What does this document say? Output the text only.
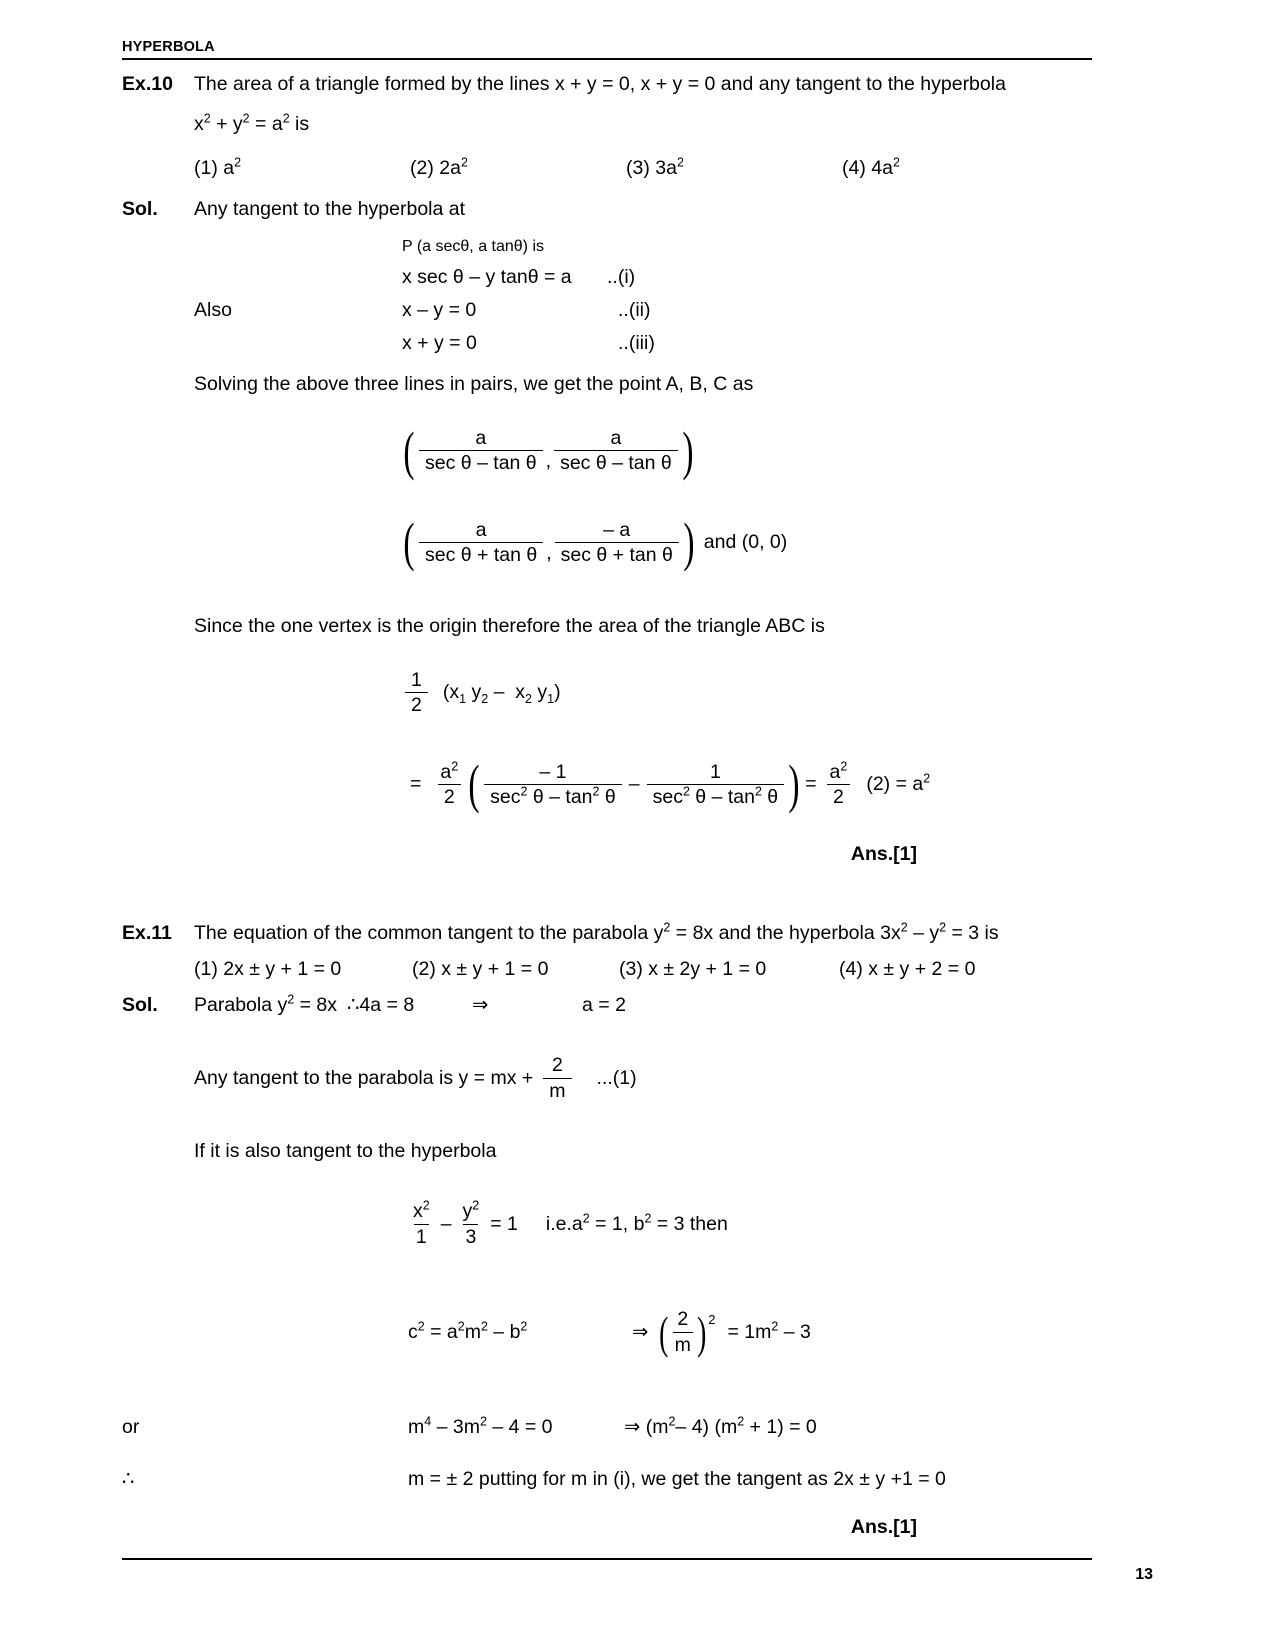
HYPERBOLA
Ex.10	The area of a triangle formed by the lines x + y = 0, x + y = 0 and any tangent to the hyperbola
$x^2 + y^2 = a^2$ is
(1) $a^2$	(2) $2a^2$	(3) $3a^2$	(4) $4a^2$
Sol.	Any tangent to the hyperbola at
P (a secθ, a tanθ) is
x sec θ – y tanθ = a	..(i)
Also	x – y = 0	..(ii)
x + y = 0	..(iii)
Solving the above three lines in pairs, we get the point A, B, C as
( $\frac{a}{\text{sec θ – tan θ}}$ , $\frac{a}{\text{sec θ – tan θ}}$ )
( $\frac{a}{\text{sec θ + tan θ}}$ , $\frac{- a}{\text{sec θ + tan θ}}$ ) and (0, 0)
Since the one vertex is the origin therefore the area of the triangle ABC is
$\frac{1}{2} (x_1$ $y_2 - x_2$ $y_1$)
= $\frac{a^2}{2}$ ( $\frac{- 1}{\sec^2 \theta - \tan^2 \theta} - \frac{1}{\sec^2 \theta - \tan^2 \theta}$ ) = $\frac{a^2}{2} (2) = a^2$
Ans.[1]
Ex.11	The equation of the common tangent to the parabola $y^2 = 8x$ and the hyperbola $3x^2 - y^2 = 3$ is
(1) 2x ± y + 1 = 0	(2) x ± y + 1 = 0	(3) x ± 2y + 1 = 0	(4) x ± y + 2 = 0
Sol.	Parabola $y^2 = 8x$ ∴4a = 8	⇒	a = 2
Any tangent to the parabola is y = mx + $\frac{2}{m} ...(1)$
If it is also tangent to the hyperbola
$\frac{x^2}{1} - \frac{y^2}{3} = 1$ $i.e.a^2 = 1$, $b^2 = 3$ then
$c^2 = a^2m^2 - b^2$	⇒ ( $\frac{2}{m}$ ) 2
= $1m^2 - 3$
or	$m^4 - 3m^2 - 4 = 0$	⇒ ($m^2-$ 4) $(m^2 + 1) = 0$
∴	m = ± 2 putting for m in (i), we get the tangent as 2x ± y +1 = 0
Ans.[1]
13
